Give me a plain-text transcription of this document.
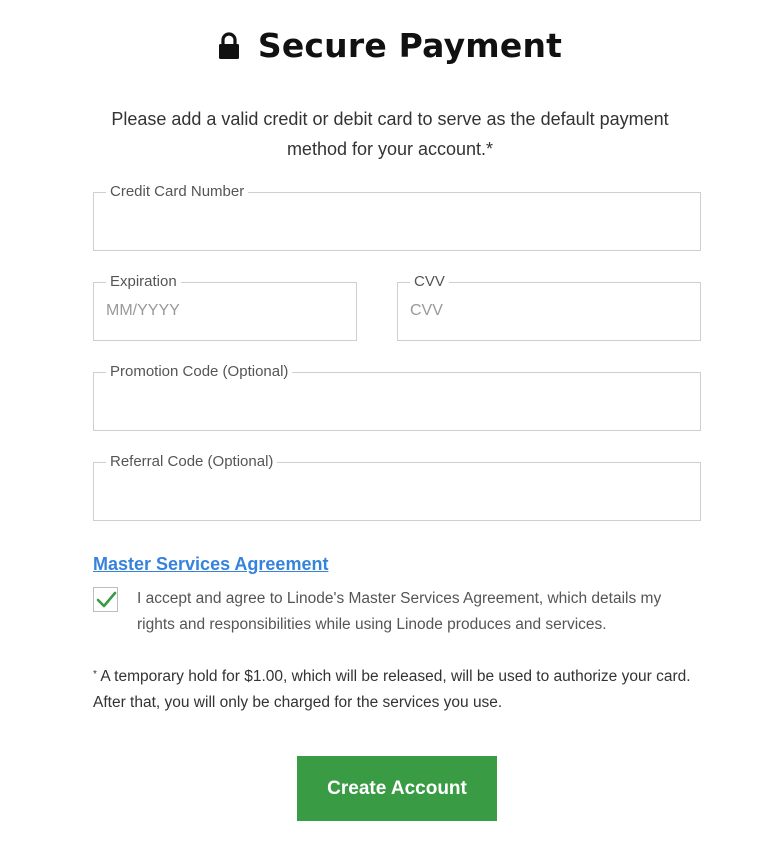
Secure Payment

Please add a valid credit or debit card to serve as the default payment method for your account.*

Credit Card Number
Expiration
MM/YYYY	CVV
CVV
Promotion Code (Optional)
Referral Code (Optional)
Master Services Agreement

I accept and agree to Linode's Master Services Agreement, which details my rights and responsibilities while using Linode produces and services.

* A temporary hold for $1.00, which will be released, will be used to authorize your card. After that, you will only be charged for the services you use.

Create Account
